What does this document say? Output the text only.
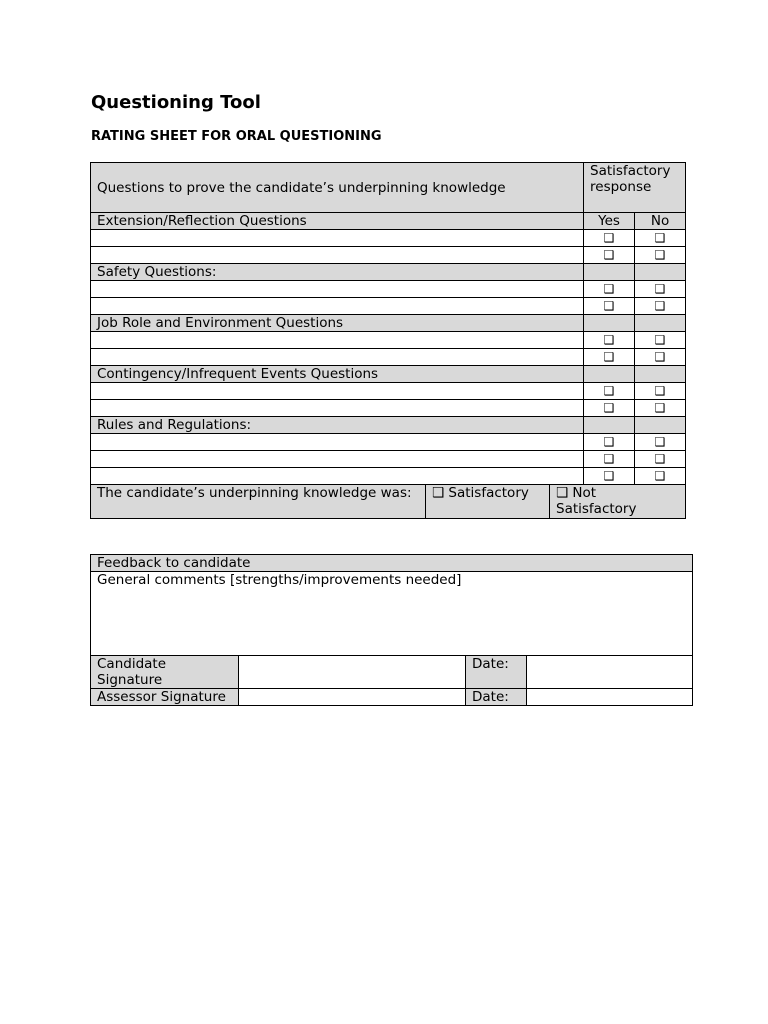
Questioning Tool
RATING SHEET FOR ORAL QUESTIONING
Questions to prove the candidate’s underpinning knowledge			Satisfactory response	
Extension/Reflection Questions			Yes	No
			❑	❑
			❑	❑
Safety Questions:				
			❑	❑
			❑	❑
Job Role and Environment Questions				
			❑	❑
			❑	❑
Contingency/Infrequent Events Questions				
			❑	❑
			❑	❑
Rules and Regulations:				
			❑	❑
			❑	❑
			❑	❑
The candidate’s underpinning knowledge was:	❑ Satisfactory	❑ Not Satisfactory		
Feedback to candidate			
General comments [strengths/improvements needed]			
Candidate Signature		Date:	
Assessor Signature		Date:	
